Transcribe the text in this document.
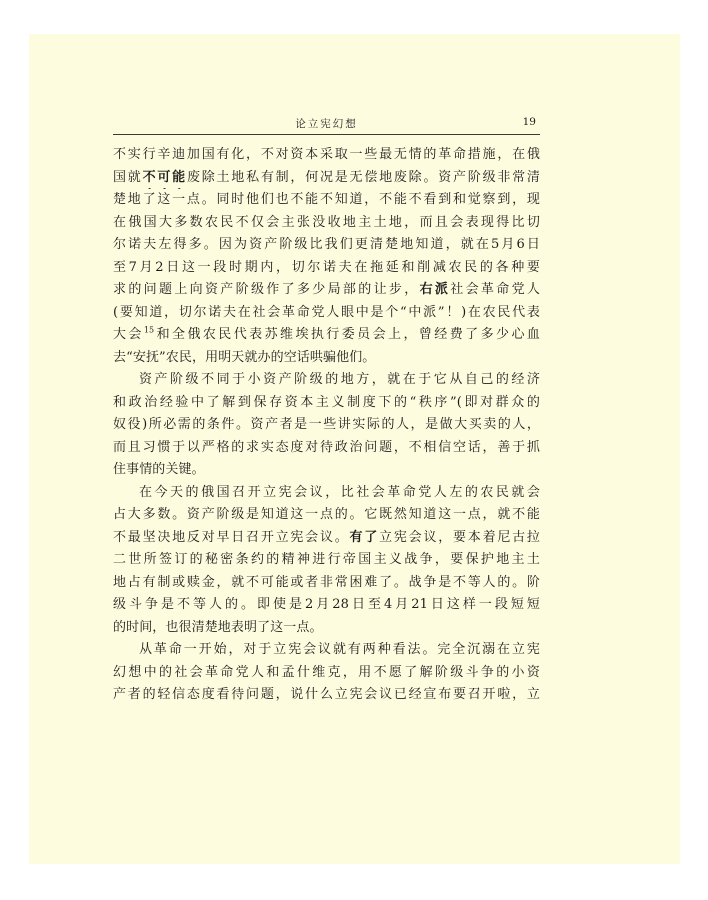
论立宪幻想	19
不实行辛迪加国有化，不对资本采取一些最无情的革命措施，在俄
国就不可能废除土地私有制，何况是无偿地废除。资产阶级非常清
楚地了这一点。同时他们也不能不知道，不能不看到和觉察到，现
在俄国大多数农民不仅会主张没收地主土地，而且会表现得比切
尔诺夫左得多。因为资产阶级比我们更清楚地知道，就在5月6日
至7月2日这一段时期内，切尔诺夫在拖延和削减农民的各种要
求的问题上向资产阶级作了多少局部的让步，右派社会革命党人
(要知道，切尔诺夫在社会革命党人眼中是个“中派”！)在农民代表
大会$^{15}$和全俄农民代表苏维埃执行委员会上，曾经费了多少心血
去“安抚”农民，用明天就办的空话哄骗他们。
资产阶级不同于小资产阶级的地方，就在于它从自己的经济
和政治经验中了解到保存资本主义制度下的“秩序”(即对群众的
奴役)所必需的条件。资产者是一些讲实际的人，是做大买卖的人，
而且习惯于以严格的求实态度对待政治问题，不相信空话，善于抓
住事情的关键。
在今天的俄国召开立宪会议，比社会革命党人左的农民就会
占大多数。资产阶级是知道这一点的。它既然知道这一点，就不能
不最坚决地反对早日召开立宪会议。有了立宪会议，要本着尼古拉
二世所签订的秘密条约的精神进行帝国主义战争，要保护地主土
地占有制或赎金，就不可能或者非常困难了。战争是不等人的。阶
级斗争是不等人的。即使是2月28日至4月21日这样一段短短
的时间，也很清楚地表明了这一点。
从革命一开始，对于立宪会议就有两种看法。完全沉溺在立宪
幻想中的社会革命党人和孟什维克，用不愿了解阶级斗争的小资
产者的轻信态度看待问题，说什么立宪会议已经宣布要召开啦，立
